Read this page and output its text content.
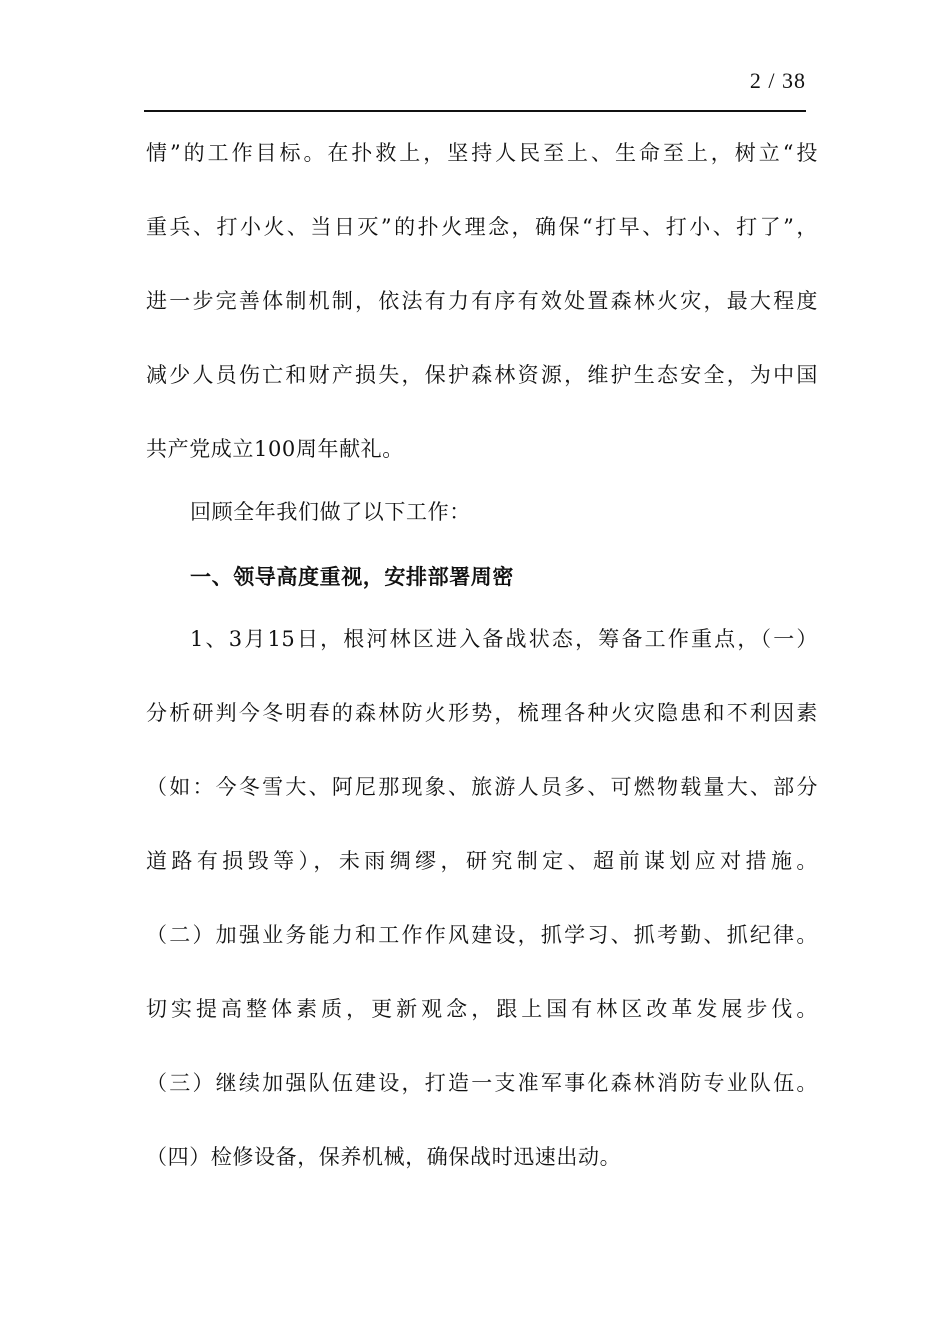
2 / 38
情”的工作目标。在扑救上，坚持人民至上、生命至上，树立“投
重兵、打小火、当日灭”的扑火理念，确保“打早、打小、打了”，
进一步完善体制机制，依法有力有序有效处置森林火灾，最大程度
减少人员伤亡和财产损失，保护森林资源，维护生态安全，为中国
共产党成立100周年献礼。
回顾全年我们做了以下工作：
一、领导高度重视，安排部署周密
1、3月15日，根河林区进入备战状态，筹备工作重点，（一）
分析研判今冬明春的森林防火形势，梳理各种火灾隐患和不利因素
（如：今冬雪大、阿尼那现象、旅游人员多、可燃物载量大、部分
道路有损毁等），未雨绸缪，研究制定、超前谋划应对措施。
（二）加强业务能力和工作作风建设，抓学习、抓考勤、抓纪律。
切实提高整体素质，更新观念，跟上国有林区改革发展步伐。
（三）继续加强队伍建设，打造一支准军事化森林消防专业队伍。
（四）检修设备，保养机械，确保战时迅速出动。
